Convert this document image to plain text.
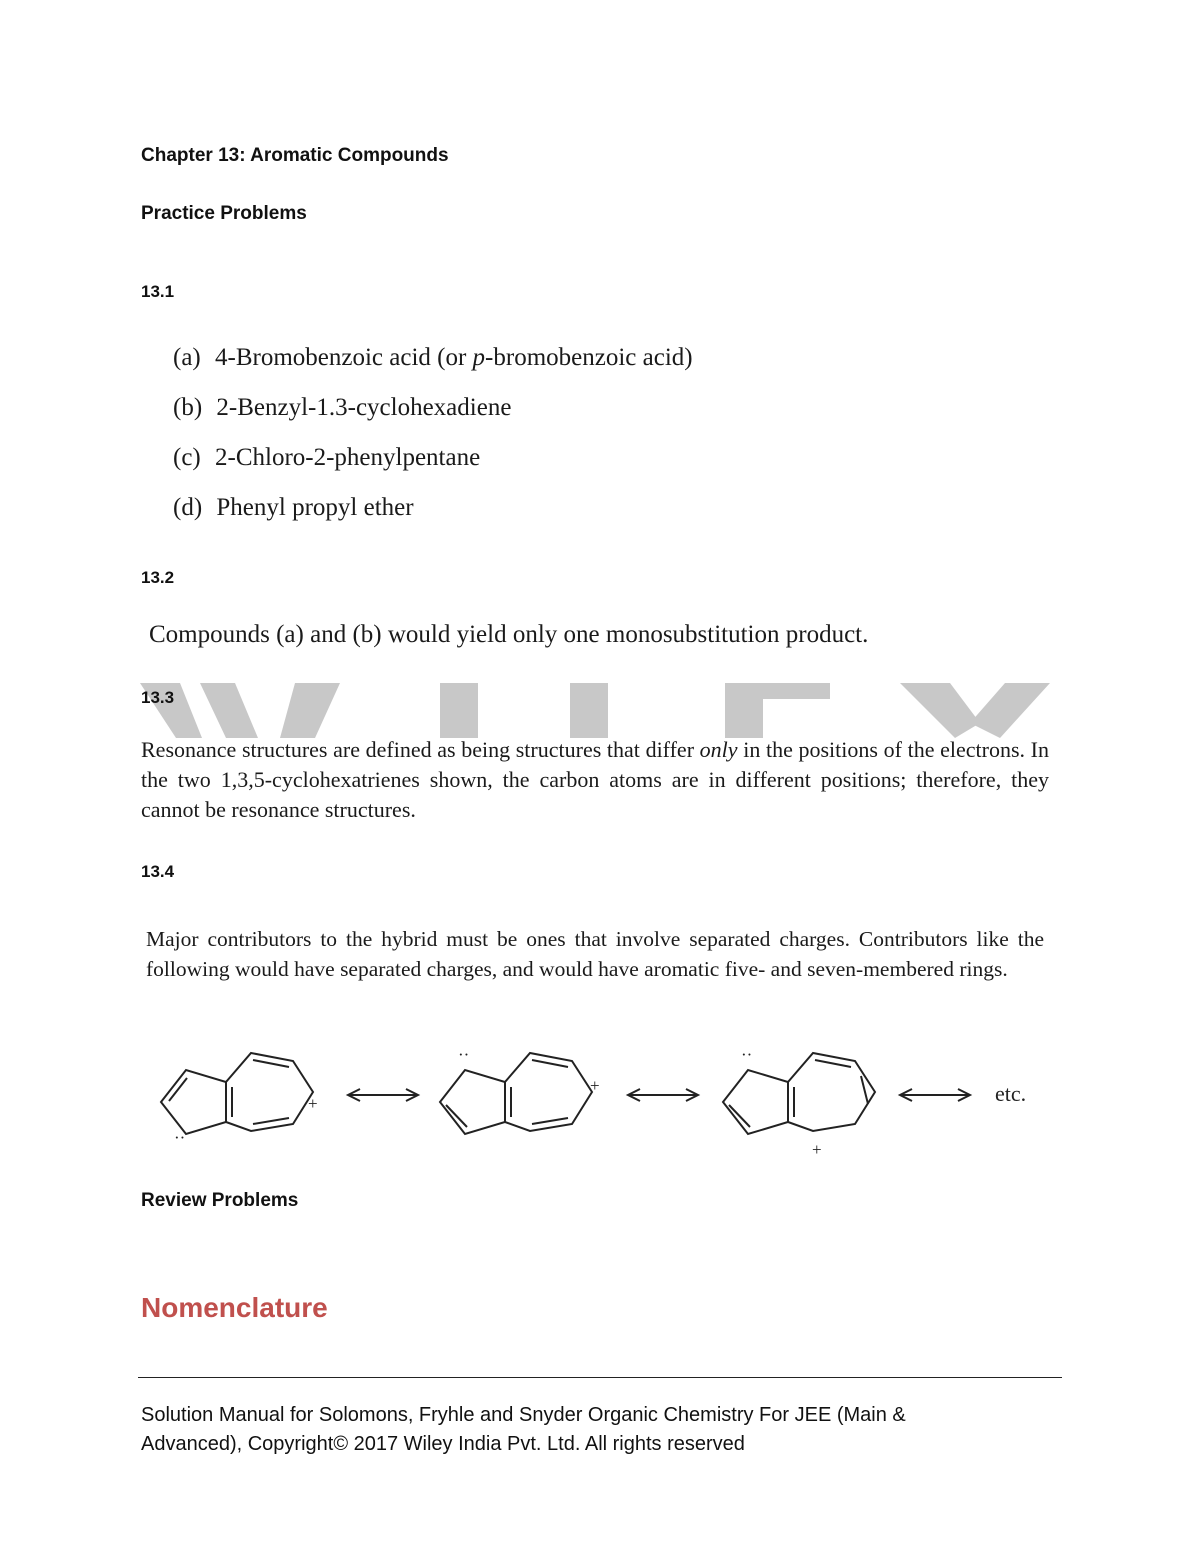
Chapter 13: Aromatic Compounds
Practice Problems
13.1
(a) 4-Bromobenzoic acid (or p-bromobenzoic acid)
(b) 2-Benzyl-1.3-cyclohexadiene
(c) 2-Chloro-2-phenylpentane
(d) Phenyl propyl ether
13.2
Compounds (a) and (b) would yield only one monosubstitution product.
13.3
Resonance structures are defined as being structures that differ only in the positions of the electrons. In the two 1,3,5-cyclohexatrienes shown, the carbon atoms are in different positions; therefore, they cannot be resonance structures.
13.4
Major contributors to the hybrid must be ones that involve separated charges. Contributors like the following would have separated charges, and would have aromatic five- and seven-membered rings.
+
··
+
··
+
··
etc.
Review Problems
Nomenclature
Solution Manual for Solomons, Fryhle and Snyder Organic Chemistry For JEE (Main & Advanced), Copyright© 2017 Wiley India Pvt. Ltd. All rights reserved
